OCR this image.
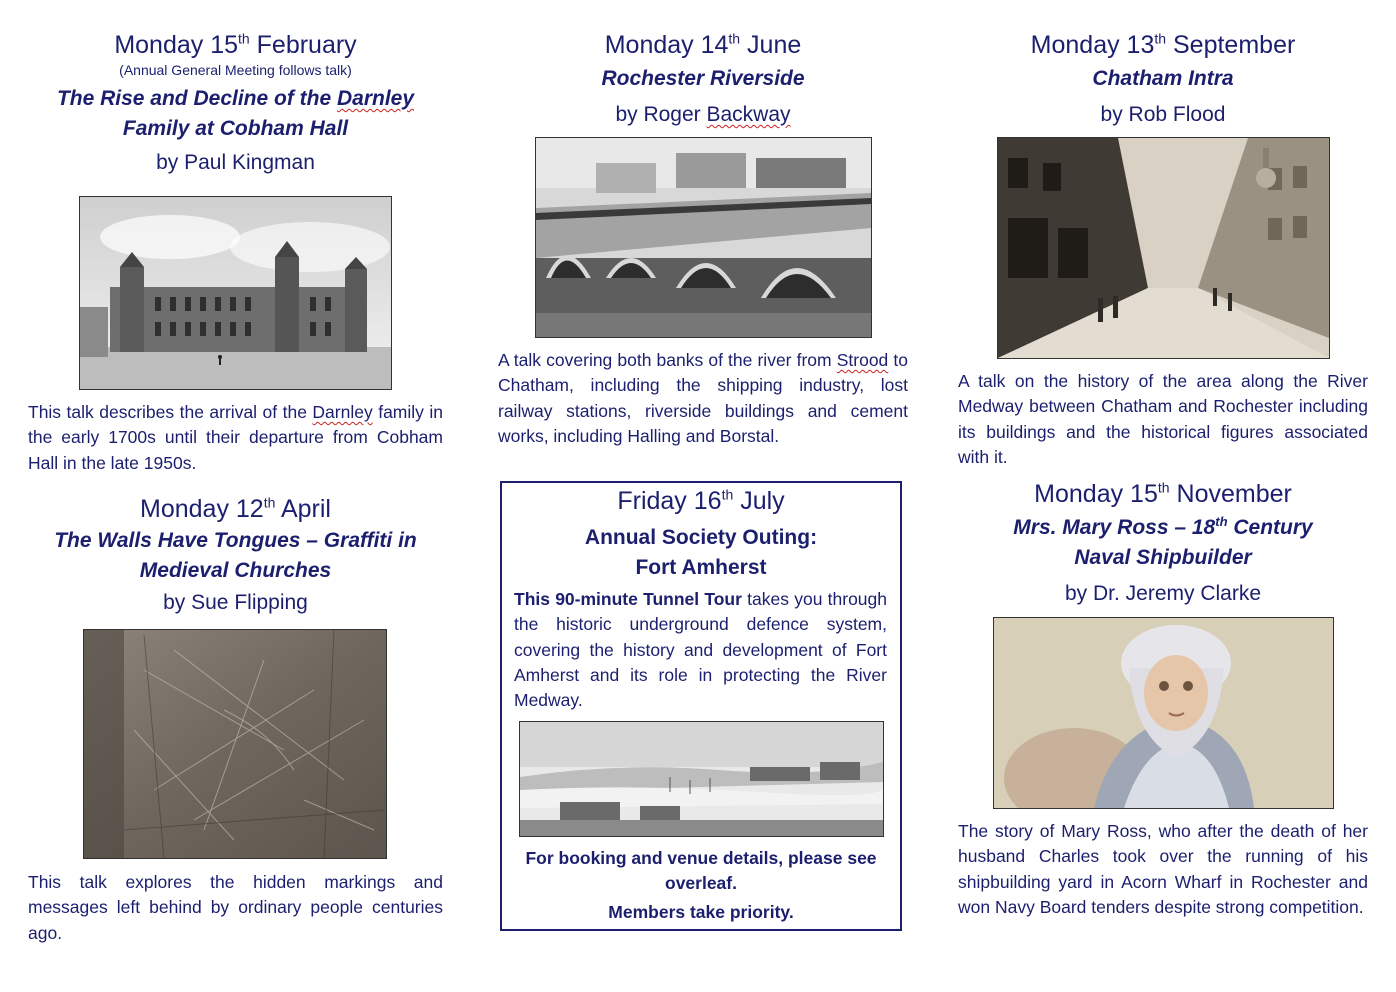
Monday 15th February
(Annual General Meeting follows talk)
The Rise and Decline of the Darnley
Family at Cobham Hall
by Paul Kingman
This talk describes the arrival of the Darnley family in the early 1700s until their departure from Cobham Hall in the late 1950s.
Monday 12th April
The Walls Have Tongues – Graffiti in Medieval Churches
by Sue Flipping
This talk explores the hidden markings and messages left behind by ordinary people centuries ago.
Monday 14th June
Rochester Riverside
by Roger Backway
A talk covering both banks of the river from Strood to Chatham, including the shipping industry, lost railway stations, riverside buildings and cement works, including Halling and Borstal.
Friday 16th July
Annual Society Outing:
Fort Amherst
This 90-minute Tunnel Tour takes you through the historic underground defence system, covering the history and development of Fort Amherst and its role in protecting the River Medway.
For booking and venue details, please see overleaf.
Members take priority.
Monday 13th September
Chatham Intra
by Rob Flood
A talk on the history of the area along the River Medway between Chatham and Rochester including its buildings and the historical figures associated with it.
Monday 15th November
Mrs. Mary Ross – 18th Century
Naval Shipbuilder
by Dr. Jeremy Clarke
The story of Mary Ross, who after the death of her husband Charles took over the running of his shipbuilding yard in Acorn Wharf in Rochester and won Navy Board tenders despite strong competition.
